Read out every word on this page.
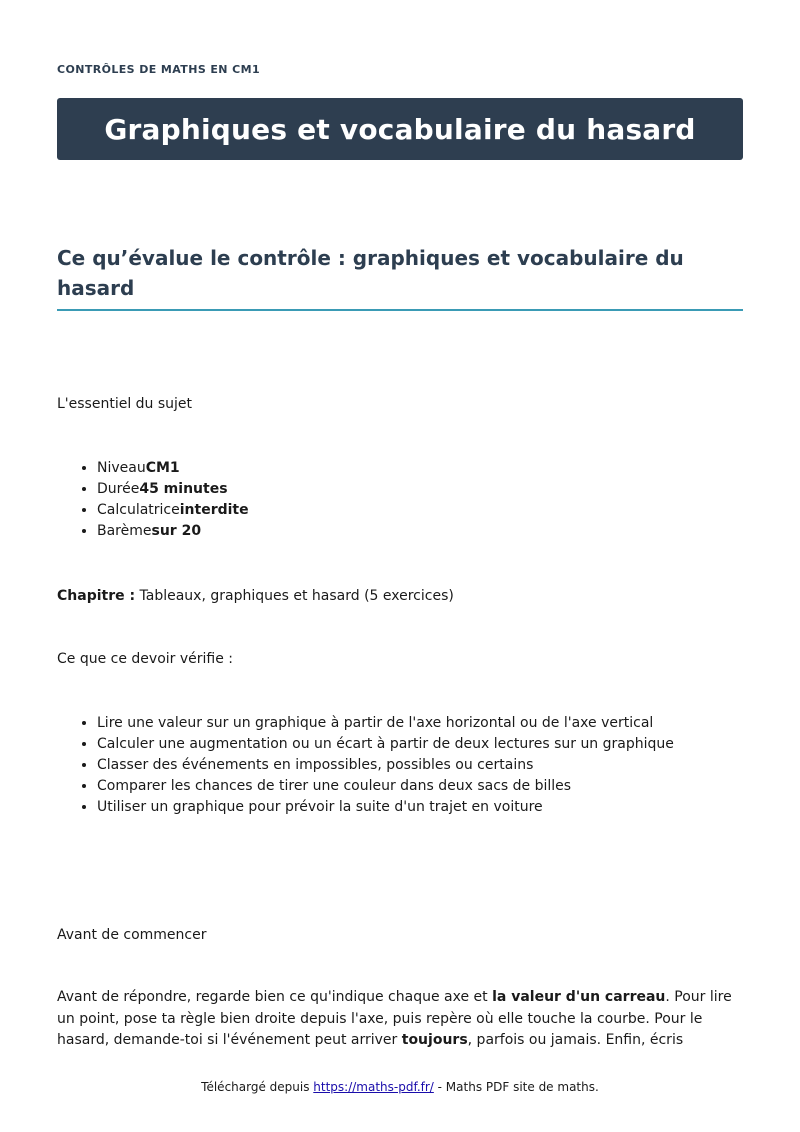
CONTRÔLES DE MATHS EN CM1
Graphiques et vocabulaire du hasard
Ce qu’évalue le contrôle : graphiques et vocabulaire du hasard

L'essentiel du sujet

• NiveauCM1
• Durée45 minutes
• Calculatriceinterdite
• Barèmesur 20

Chapitre : Tableaux, graphiques et hasard (5 exercices)

Ce que ce devoir vérifie :

• Lire une valeur sur un graphique à partir de l'axe horizontal ou de l'axe vertical
• Calculer une augmentation ou un écart à partir de deux lectures sur un graphique
• Classer des événements en impossibles, possibles ou certains
• Comparer les chances de tirer une couleur dans deux sacs de billes
• Utiliser un graphique pour prévoir la suite d'un trajet en voiture

Avant de commencer

Avant de répondre, regarde bien ce qu'indique chaque axe et la valeur d'un carreau. Pour lire un point, pose ta règle bien droite depuis l'axe, puis repère où elle touche la courbe. Pour le hasard, demande-toi si l'événement peut arriver toujours, parfois ou jamais. Enfin, écris

Téléchargé depuis https://maths-pdf.fr/ - Maths PDF site de maths.
